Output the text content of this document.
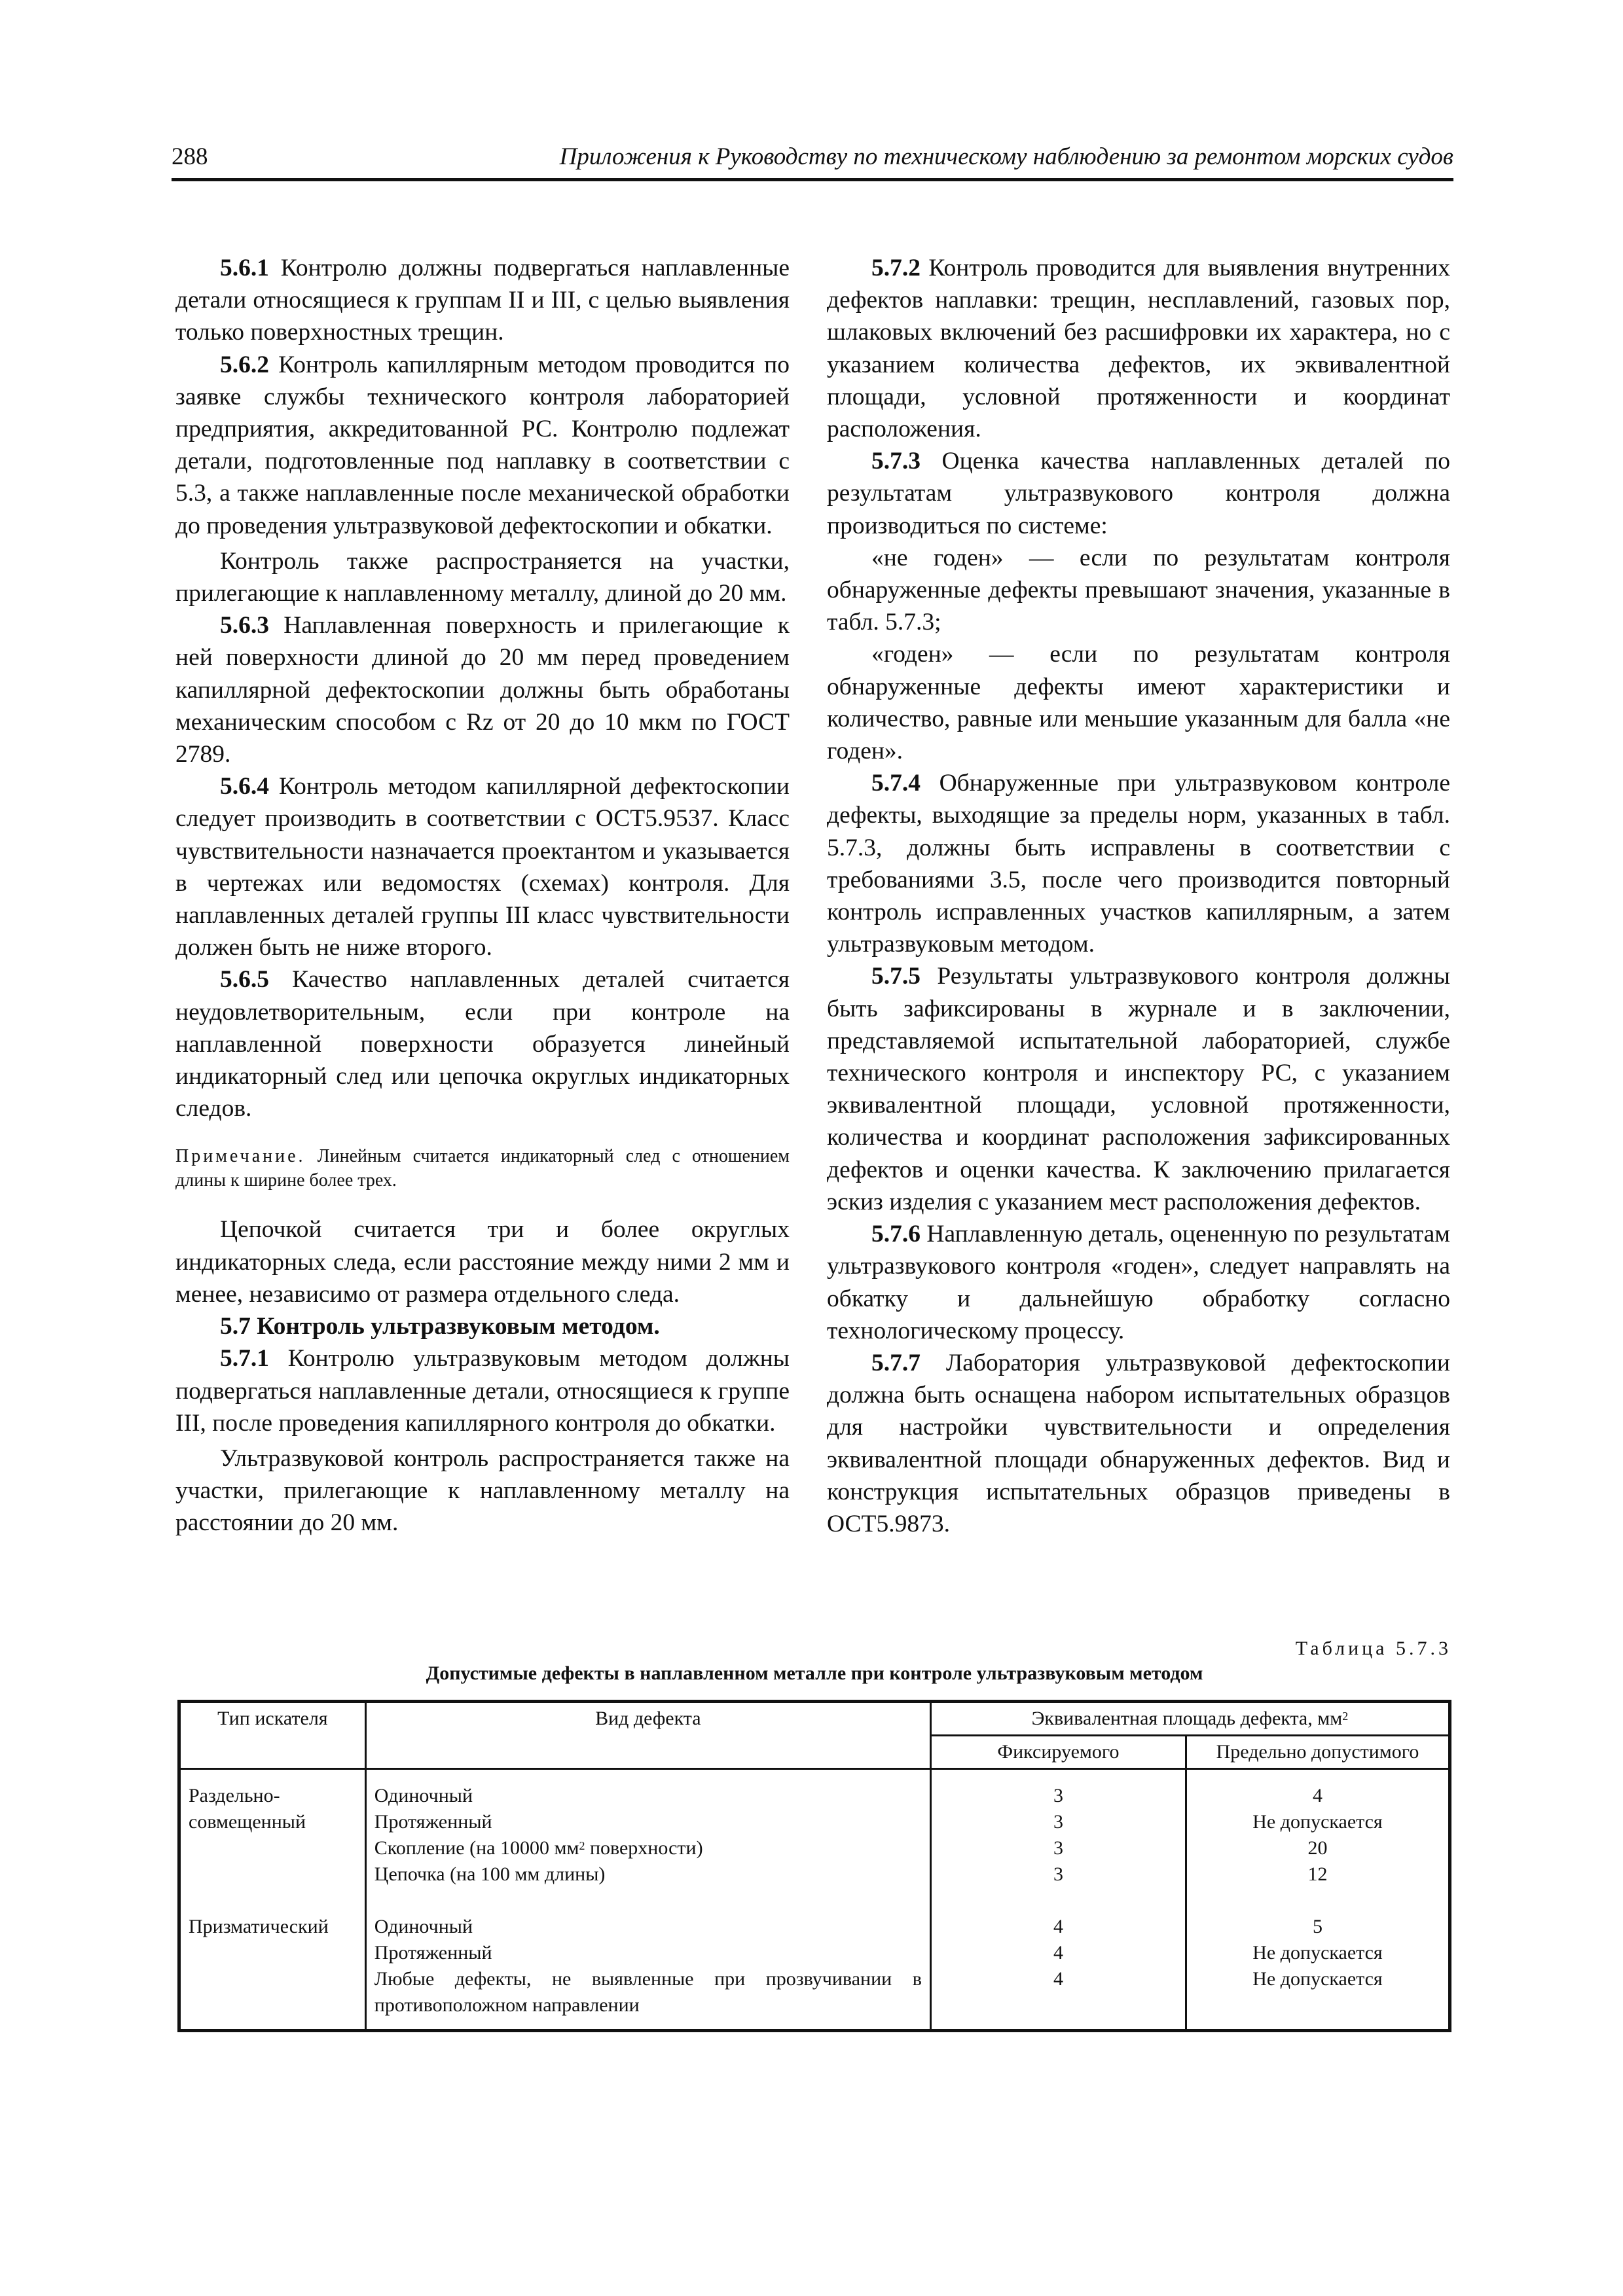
288	Приложения к Руководству по техническому наблюдению за ремонтом морских судов

5.6.1 Контролю должны подвергаться наплавленные детали относящиеся к группам II и III, с целью выявления только поверхностных трещин.

5.6.2 Контроль капиллярным методом проводится по заявке службы технического контроля лабораторией предприятия, аккредитованной РС. Контролю подлежат детали, подготовленные под наплавку в соответствии с 5.3, а также наплавленные после механической обработки до проведения ультразвуковой дефектоскопии и обкатки.

Контроль также распространяется на участки, прилегающие к наплавленному металлу, длиной до 20 мм.

5.6.3 Наплавленная поверхность и прилегающие к ней поверхности длиной до 20 мм перед проведением капиллярной дефектоскопии должны быть обработаны механическим способом с Rz от 20 до 10 мкм по ГОСТ 2789.

5.6.4 Контроль методом капиллярной дефектоскопии следует производить в соответствии с ОСТ5.9537. Класс чувствительности назначается проектантом и указывается в чертежах или ведомостях (схемах) контроля. Для наплавленных деталей группы III класс чувствительности должен быть не ниже второго.

5.6.5 Качество наплавленных деталей считается неудовлетворительным, если при контроле на наплавленной поверхности образуется линейный индикаторный след или цепочка округлых индикаторных следов.

Примечание. Линейным считается индикаторный след с отношением длины к ширине более трех.

Цепочкой считается три и более округлых индикаторных следа, если расстояние между ними 2 мм и менее, независимо от размера отдельного следа.

5.7 Контроль ультразвуковым методом.

5.7.1 Контролю ультразвуковым методом должны подвергаться наплавленные детали, относящиеся к группе III, после проведения капиллярного контроля до обкатки.

Ультразвуковой контроль распространяется также на участки, прилегающие к наплавленному металлу на расстоянии до 20 мм.

5.7.2 Контроль проводится для выявления внутренних дефектов наплавки: трещин, несплавлений, газовых пор, шлаковых включений без расшифровки их характера, но с указанием количества дефектов, их эквивалентной площади, условной протяженности и координат расположения.

5.7.3 Оценка качества наплавленных деталей по результатам ультразвукового контроля должна производиться по системе:

«не годен» — если по результатам контроля обнаруженные дефекты превышают значения, указанные в табл. 5.7.3;

«годен» — если по результатам контроля обнаруженные дефекты имеют характеристики и количество, равные или меньшие указанным для балла «не годен».

5.7.4 Обнаруженные при ультразвуковом контроле дефекты, выходящие за пределы норм, указанных в табл. 5.7.3, должны быть исправлены в соответствии с требованиями 3.5, после чего производится повторный контроль исправленных участков капиллярным, а затем ультразвуковым методом.

5.7.5 Результаты ультразвукового контроля должны быть зафиксированы в журнале и в заключении, представляемой испытательной лабораторией, службе технического контроля и инспектору РС, с указанием эквивалентной площади, условной протяженности, количества и координат расположения зафиксированных дефектов и оценки качества. К заключению прилагается эскиз изделия с указанием мест расположения дефектов.

5.7.6 Наплавленную деталь, оцененную по результатам ультразвукового контроля «годен», следует направлять на обкатку и дальнейшую обработку согласно технологическому процессу.

5.7.7 Лаборатория ультразвуковой дефектоскопии должна быть оснащена набором испытательных образцов для настройки чувствительности и определения эквивалентной площади обнаруженных дефектов. Вид и конструкция испытательных образцов приведены в ОСТ5.9873.

Таблица 5.7.3
Допустимые дефекты в наплавленном металле при контроле ультразвуковым методом
Тип искателя	Вид дефекта	Эквивалентная площадь дефекта, $мм^2$
		Фиксируемого	Предельно допустимого
Раздельно-совмещенный	Одиночный	3	4
	Протяженный	3	Не допускается
	Скопление (на 10000 $мм^2$ поверхности)	3	20
	Цепочка (на 100 мм длины)	3	12

Призматический	Одиночный	4	5
	Протяженный	4	Не допускается
	Любые дефекты, не выявленные при прозвучивании в противоположном направлении	4	Не допускается
